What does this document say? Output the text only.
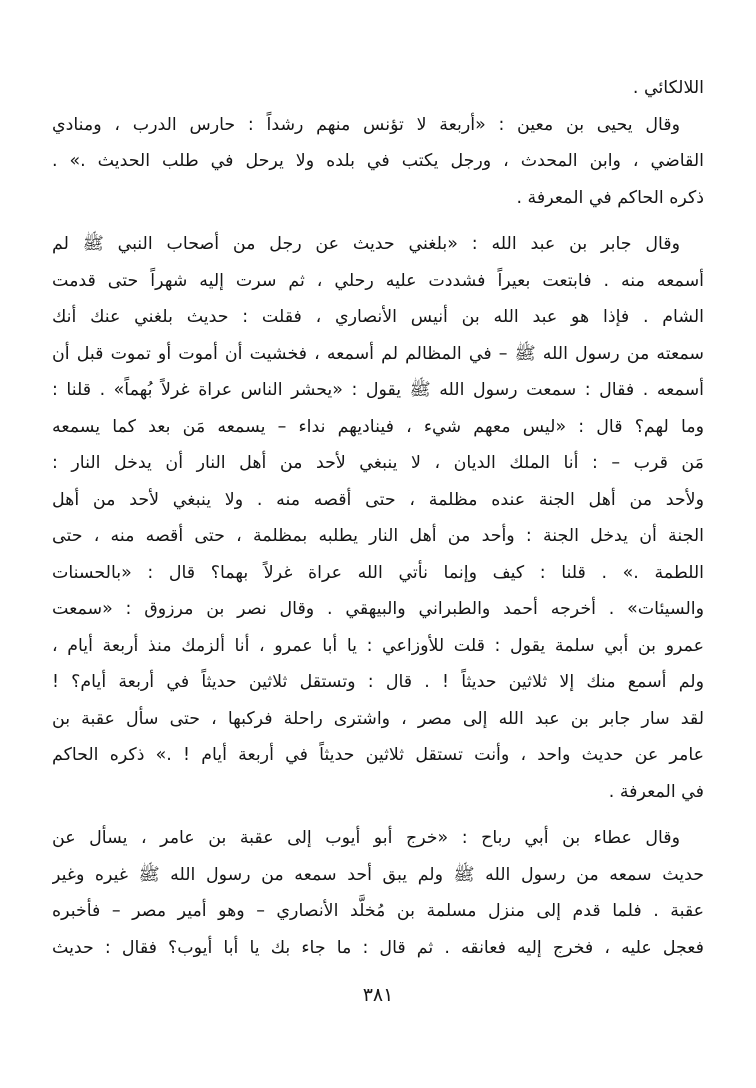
اللالكائي .
وقال يحيى بن معين : «أربعة لا تؤنس منهم رشداً : حارس الدرب ، ومنادي
القاضي ، وابن المحدث ، ورجل يكتب في بلده ولا يرحل في طلب الحديث .» .
ذكره الحاكم في المعرفة .
وقال جابر بن عبد الله : «بلغني حديث عن رجل من أصحاب النبي ﷺ لم
أسمعه منه . فابتعت بعيراً فشددت عليه رحلي ، ثم سرت إليه شهراً حتى قدمت
الشام . فإذا هو عبد الله بن أنيس الأنصاري ، فقلت : حديث بلغني عنك أنك
سمعته من رسول الله ﷺ – في المظالم لم أسمعه ، فخشيت أن أموت أو تموت قبل أن
أسمعه . فقال : سمعت رسول الله ﷺ يقول : «يحشر الناس عراة غرلاً بُهماً» . قلنا :
وما لهم؟ قال : «ليس معهم شيء ، فيناديهم نداء – يسمعه مَن بعد كما يسمعه
مَن قرب – : أنا الملك الديان ، لا ينبغي لأحد من أهل النار أن يدخل النار :
ولأحد من أهل الجنة عنده مظلمة ، حتى أقصه منه . ولا ينبغي لأحد من أهل
الجنة أن يدخل الجنة : وأحد من أهل النار يطلبه بمظلمة ، حتى أقصه منه ، حتى
اللطمة .» . قلنا : كيف وإنما نأتي الله عراة غرلاً بهما؟ قال : «بالحسنات
والسيئات» . أخرجه أحمد والطبراني والبيهقي . وقال نصر بن مرزوق : «سمعت
عمرو بن أبي سلمة يقول : قلت للأوزاعي : يا أبا عمرو ، أنا ألزمك منذ أربعة أيام ،
ولم أسمع منك إلا ثلاثين حديثاً ! . قال : وتستقل ثلاثين حديثاً في أربعة أيام؟ !
لقد سار جابر بن عبد الله إلى مصر ، واشترى راحلة فركبها ، حتى سأل عقبة بن
عامر عن حديث واحد ، وأنت تستقل ثلاثين حديثاً في أربعة أيام ! .» ذكره الحاكم
في المعرفة .
وقال عطاء بن أبي رباح : «خرج أبو أيوب إلى عقبة بن عامر ، يسأل عن
حديث سمعه من رسول الله ﷺ ولم يبق أحد سمعه من رسول الله ﷺ غيره وغير
عقبة . فلما قدم إلى منزل مسلمة بن مُخلَّد الأنصاري – وهو أمير مصر – فأخبره
فعجل عليه ، فخرج إليه فعانقه . ثم قال : ما جاء بك يا أبا أيوب؟ فقال : حديث
٣٨١
